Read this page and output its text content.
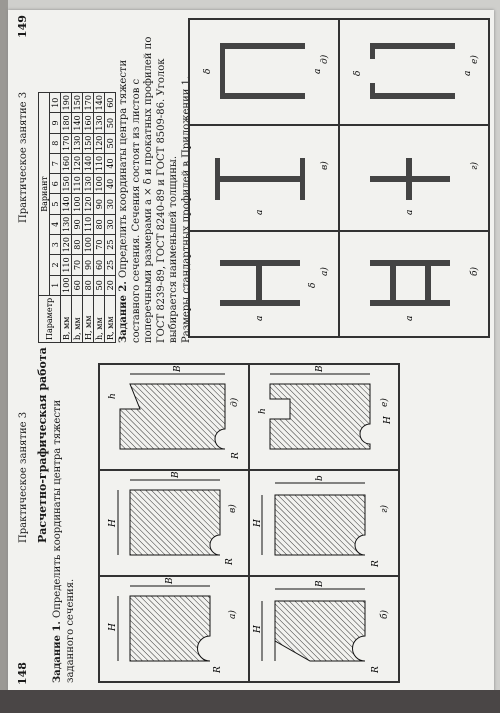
148
Практическое занятие 3 Расчетно-графическая работа
Задание 1. Определить координаты центра тяжести заданного сечения.	H
B
R
а)
H
B
R
в)
B
h
R
д)
H
B
R
б)
H
b
R
г)
B
h
H
е)
149
Практическое занятие 3
Параметр	Вариант									
	1	2	3	4	5	6	7	8	9	10
B, мм	100	110	120	130	140	150	160	170	180	190
b, мм	60	70	80	90	100	110	120	130	140	150
H, мм	80	90	100	110	120	130	140	150	160	170
h, мм	50	60	70	80	90	100	110	120	130	140
R, мм	20	25	25	30	30	40	40	50	50	60
Задание 2. Определить координаты центра тяжести составного сечения. Сечения состоят из листов с поперечными размерами a × δ и прокатных профилей по ГОСТ 8239-89, ГОСТ 8240-89 и ГОСТ 8509-86. Уголок выбирается наименьшей толщины. Размеры стандартных профилей в Приложении 1.	a
δ
а)
a
в)
δ	a
д)
a
б)
a
г)
δ	a
е)
